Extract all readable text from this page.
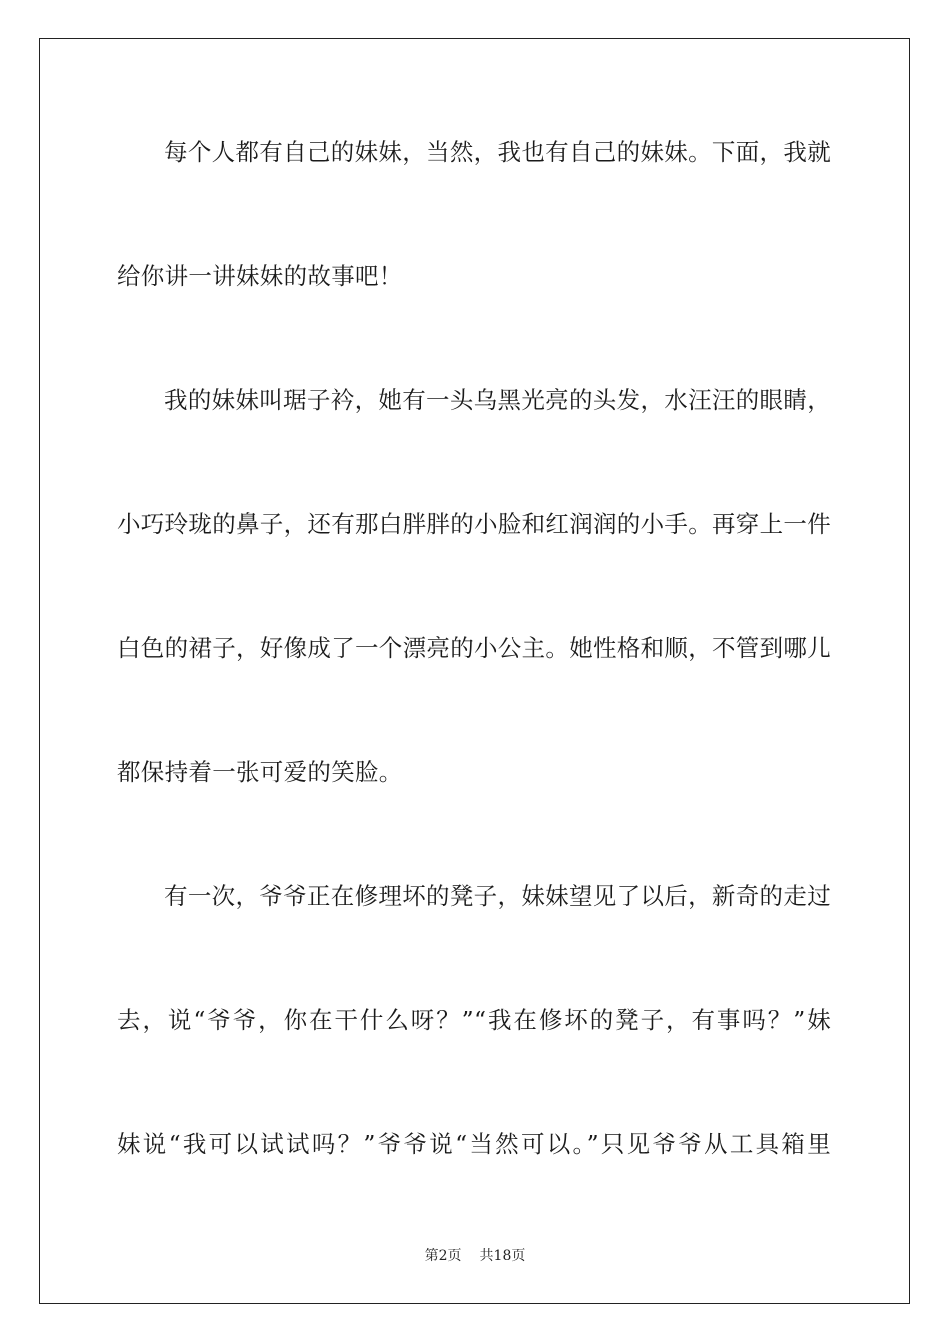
每个人都有自己的妹妹，当然，我也有自己的妹妹。下面，我就
给你讲一讲妹妹的故事吧！
我的妹妹叫琚子衿，她有一头乌黑光亮的头发，水汪汪的眼睛，
小巧玲珑的鼻子，还有那白胖胖的小脸和红润润的小手。再穿上一件
白色的裙子，好像成了一个漂亮的小公主。她性格和顺，不管到哪儿
都保持着一张可爱的笑脸。
有一次，爷爷正在修理坏的凳子，妹妹望见了以后，新奇的走过
去，说“爷爷，你在干什么呀？”“我在修坏的凳子，有事吗？”妹
妹说“我可以试试吗？”爷爷说“当然可以。”只见爷爷从工具箱里
第2页 共18页
